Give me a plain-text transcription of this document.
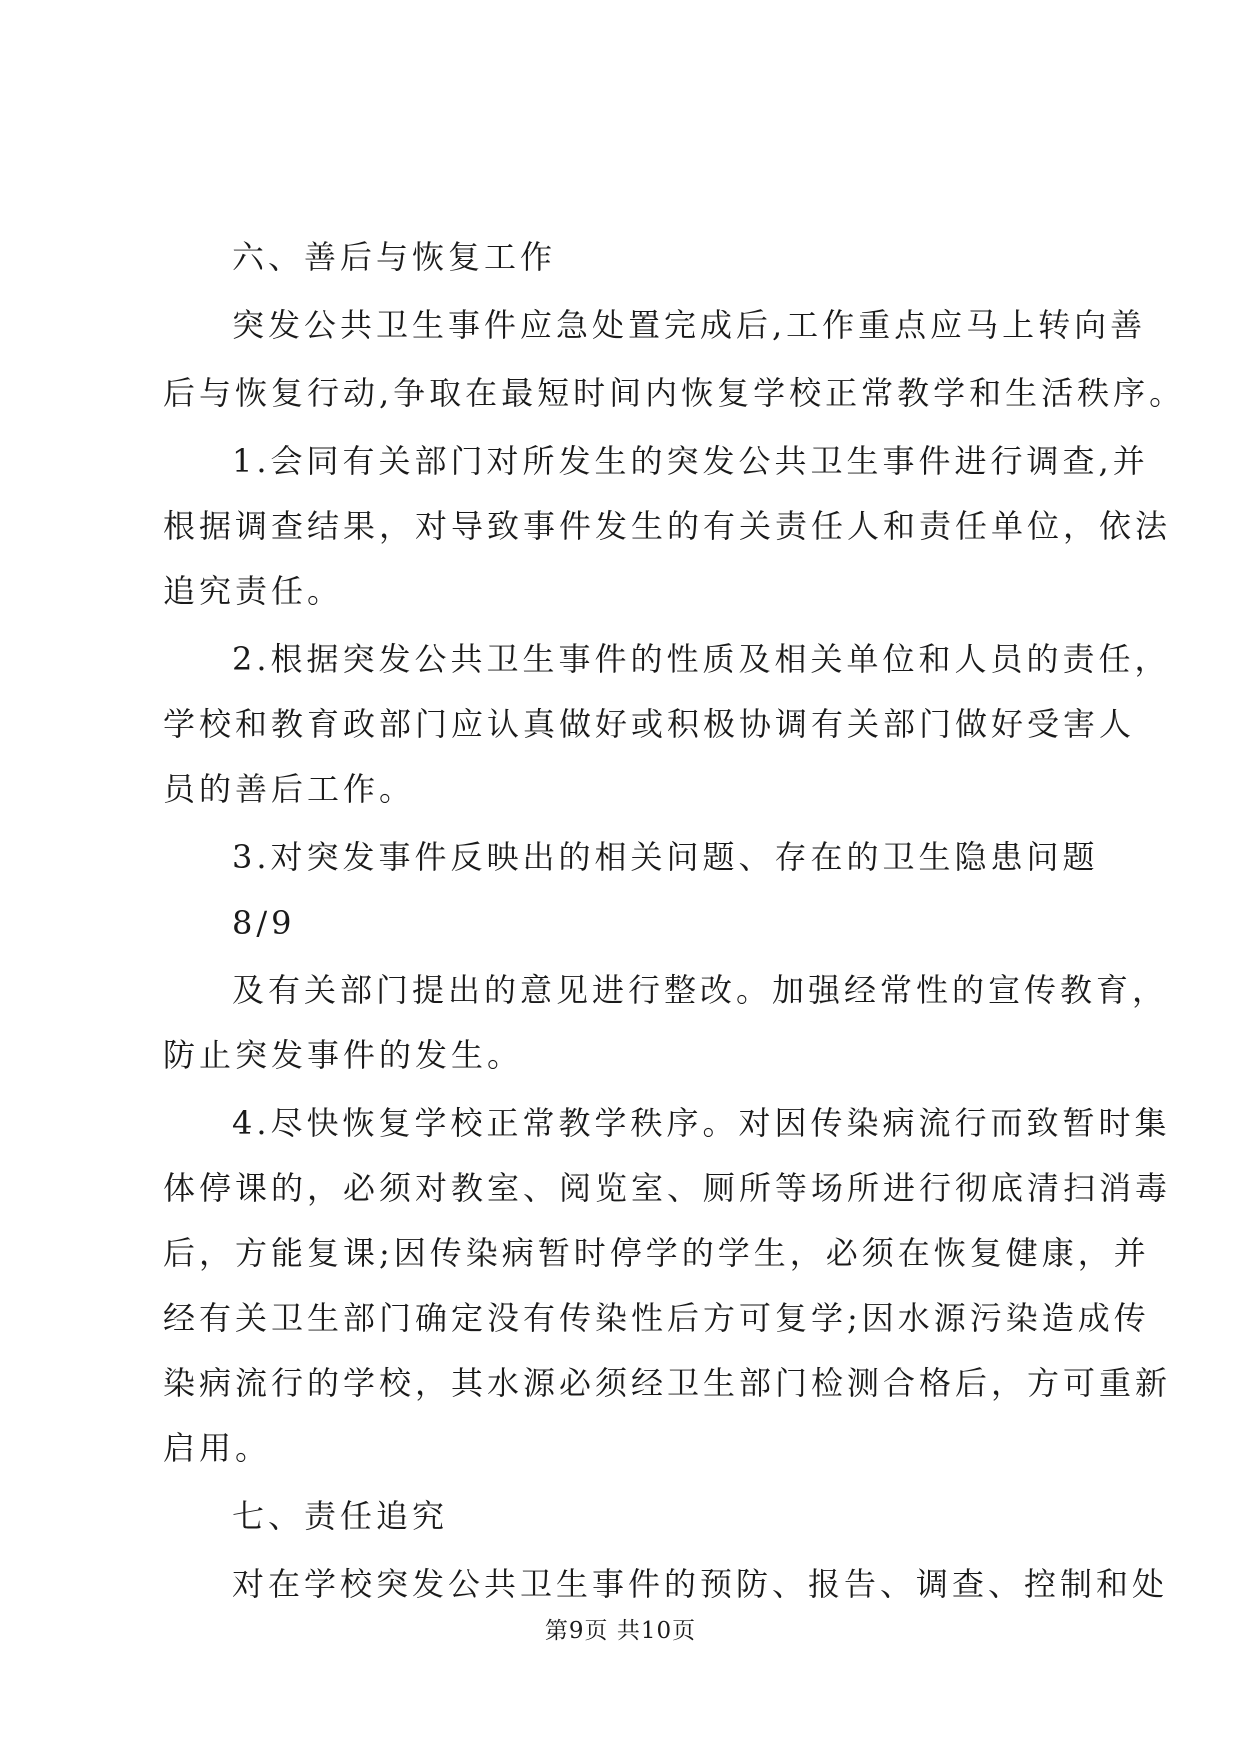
六、善后与恢复工作
突发公共卫生事件应急处置完成后,工作重点应马上转向善
后与恢复行动,争取在最短时间内恢复学校正常教学和生活秩序。
1.会同有关部门对所发生的突发公共卫生事件进行调查,并
根据调查结果，对导致事件发生的有关责任人和责任单位，依法
追究责任。
2.根据突发公共卫生事件的性质及相关单位和人员的责任，
学校和教育政部门应认真做好或积极协调有关部门做好受害人
员的善后工作。
3.对突发事件反映出的相关问题、存在的卫生隐患问题
8/9
及有关部门提出的意见进行整改。加强经常性的宣传教育，
防止突发事件的发生。
4.尽快恢复学校正常教学秩序。对因传染病流行而致暂时集
体停课的，必须对教室、阅览室、厕所等场所进行彻底清扫消毒
后，方能复课;因传染病暂时停学的学生，必须在恢复健康，并
经有关卫生部门确定没有传染性后方可复学;因水源污染造成传
染病流行的学校，其水源必须经卫生部门检测合格后，方可重新
启用。
七、责任追究
对在学校突发公共卫生事件的预防、报告、调查、控制和处
第9页 共10页
